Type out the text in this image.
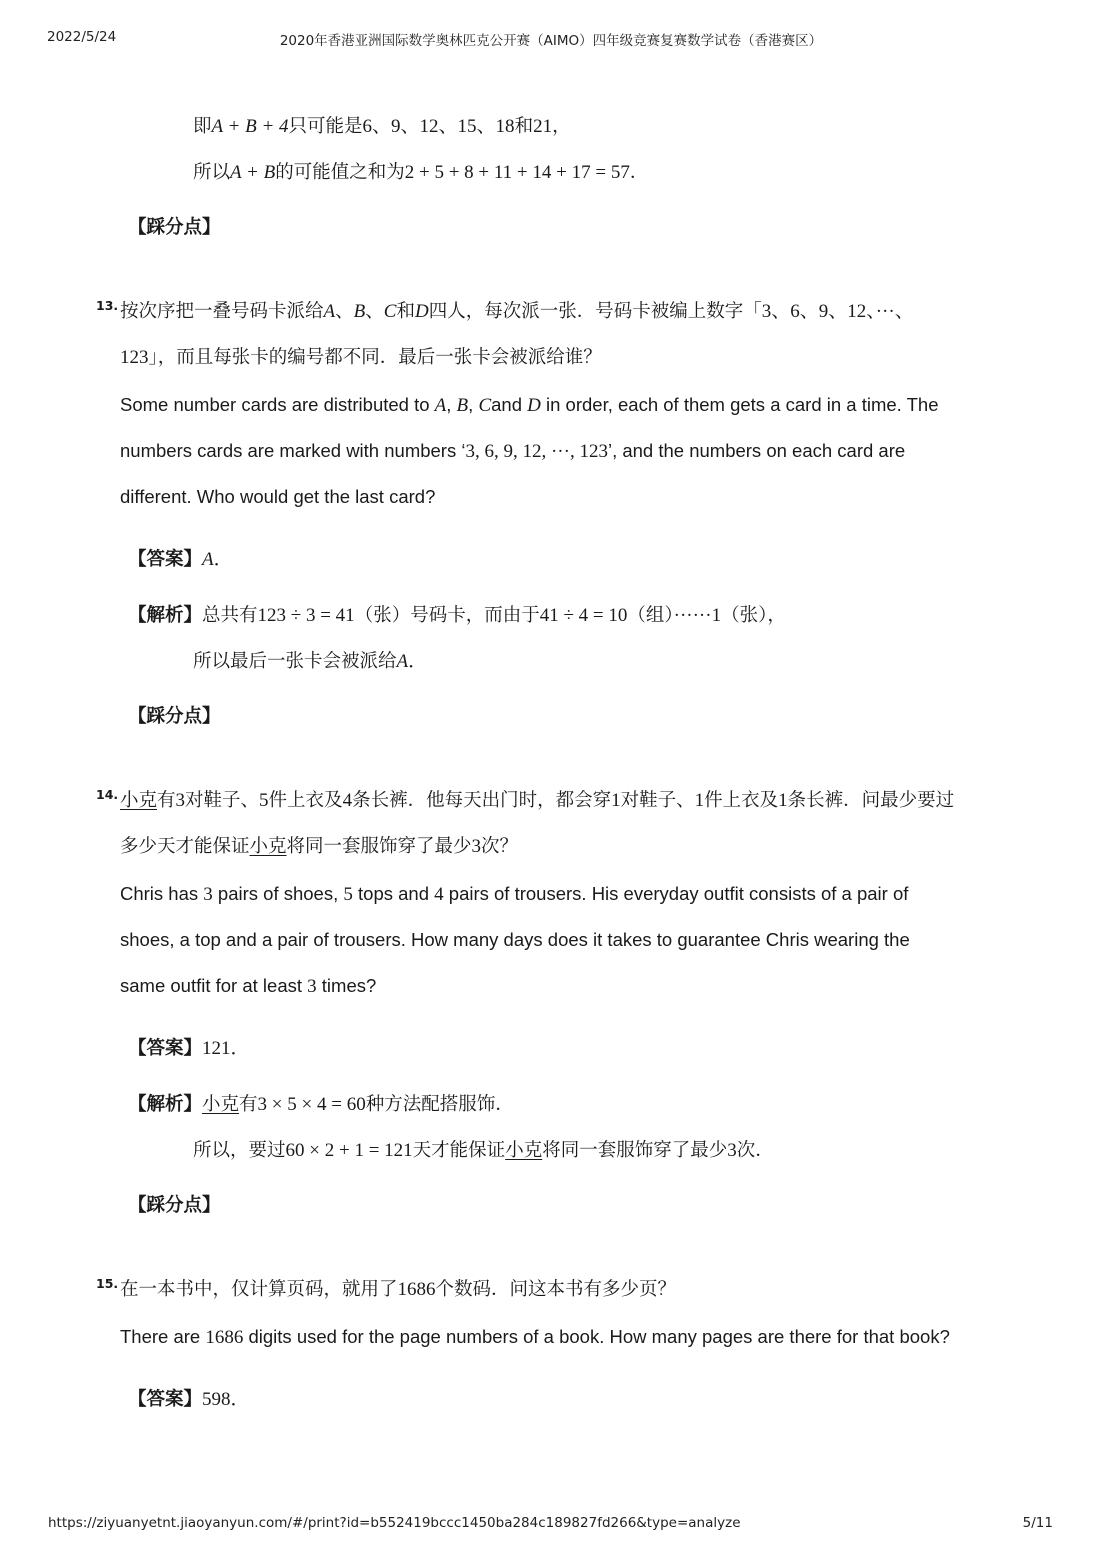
2022/5/24	2020年香港亚洲国际数学奥林匹克公开赛（AIMO）四年级竞赛复赛数学试卷（香港赛区）
即A + B + 4只可能是6、9、12、15、18和21，
所以A + B的可能值之和为2 + 5 + 8 + 11 + 14 + 17 = 57．
【踩分点】
13. 按次序把一叠号码卡派给A、B、C和D四人，每次派一张．号码卡被编上数字「3、6、9、12、···、
123」，而且每张卡的编号都不同．最后一张卡会被派给谁？
Some number cards are distributed to A, B, Cand D in order, each of them gets a card in a time. The
numbers cards are marked with numbers ‘3, 6, 9, 12, ···, 123’, and the numbers on each card are
different. Who would get the last card?
【答案】A．
【解析】总共有123 ÷ 3 = 41（张）号码卡，而由于41 ÷ 4 = 10（组）······1（张），
所以最后一张卡会被派给A．
【踩分点】
14. 小克有3对鞋子、5件上衣及4条长裤．他每天出门时，都会穿1对鞋子、1件上衣及1条长裤．问最少要过
多少天才能保证小克将同一套服饰穿了最少3次？
Chris has 3 pairs of shoes, 5 tops and 4 pairs of trousers. His everyday outfit consists of a pair of
shoes, a top and a pair of trousers. How many days does it takes to guarantee Chris wearing the
same outfit for at least 3 times?
【答案】121．
【解析】小克有3 × 5 × 4 = 60种方法配搭服饰．
所以，要过60 × 2 + 1 = 121天才能保证小克将同一套服饰穿了最少3次．
【踩分点】
15. 在一本书中，仅计算页码，就用了1686个数码．问这本书有多少页？
There are 1686 digits used for the page numbers of a book. How many pages are there for that book?
【答案】598．
https://ziyuanyetnt.jiaoyanyun.com/#/print?id=b552419bccc1450ba284c189827fd266&type=analyze	5/11
